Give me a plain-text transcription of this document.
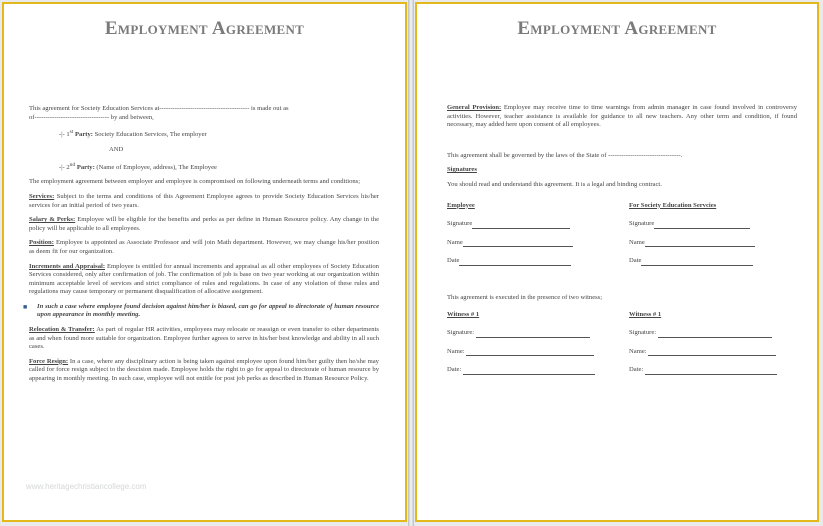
Employment Agreement
This agreement for Society Education Services at----------------------------------------- is made out as
of---------------------------------- by and between,
-|- 1st Party: Society Education Services, The employer
AND
-|- 2nd Party: (Name of Employee, address), The Employee
The employment agreement between employer and employee is compromised on following underneath terms and conditions;
Services: Subject to the terms and conditions of this Agreement Employee agrees to provide Society Education Services his/her services for an initial period of two years.
Salary & Perks: Employee will be eligible for the benefits and perks as per define in Human Resource policy. Any change in the policy will be applicable to all employees.
Position: Employee is appointed as Associate Professor and will join Math department. However, we may change his/her position as deem fit for our organization.
Increments and Appraisal: Employee is entitled for annual increments and appraisal as all other employees of Society Education Services considered, only after confirmation of job. The confirmation of job is base on two year working at our organization within minimum acceptable level of services and strict compliance of rules and regulations. In case of any violation of these rules and regulations may cause temporary or permanent disqualification of allocative assignment.
■ In such a case where employee found decision against him/her is biased, can go for appeal to directorate of human resource upon appearance in monthly meeting.
Relocation & Transfer: As part of regular HR activities, employees may relocate or reassign or even transfer to other departments as and when found more suitable for organization. Employee further agrees to serve in his/her best knowledge and ability in all such cases.
Force Resign: In a case, where any disciplinary action is being taken against employee upon found him/her guilty then he/she may called for force resign subject to the descision made. Employee holds the right to go for appeal to directorate of human resource by appearing in monthly meeting. In such case, employee will not entitle for post job perks as described in Human Resource Policy.
www.heritagechristiancollege.com
Employment Agreement
General Provision: Employee may receive time to time warnings from admin manager in case found involved in controversy activities. However, teacher assistance is available for guidance to all new teachers. Any other term and condition, if found necessary, may added here upon consent of all employees.
This agreement shall be governed by the laws of the State of ---------------------------------.
Signatures
You should read and understand this agreement. It is a legal and binding contract.
Employee
Signature
Name
Date
For Society Education Servcies
Signature
Name
Date
This agreement is executed in the presence of two witness;
Witness # 1
Signature:
Name:
Date:
Witness # 1
Signature:
Name:
Date:
